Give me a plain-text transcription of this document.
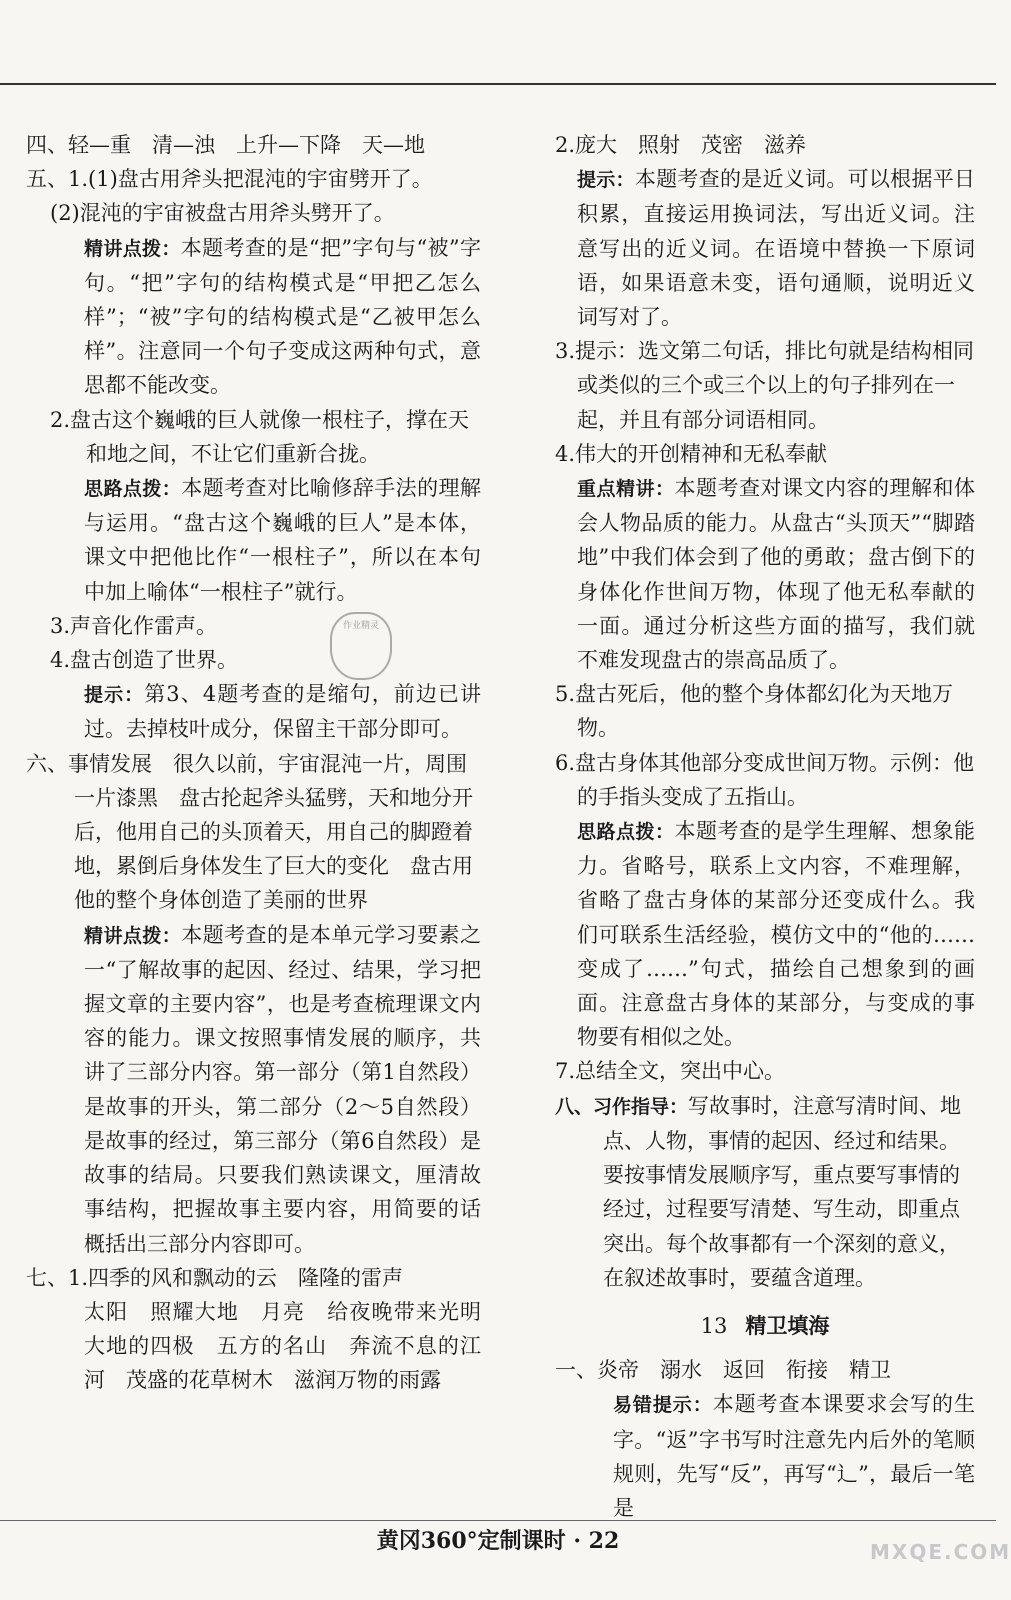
四、轻—重　清—浊　上升—下降　天—地

五、1.(1)盘古用斧头把混沌的宇宙劈开了。

(2)混沌的宇宙被盘古用斧头劈开了。

精讲点拨：本题考查的是“把”字句与“被”字句。“把”字句的结构模式是“甲把乙怎么样”；“被”字句的结构模式是“乙被甲怎么样”。注意同一个句子变成这两种句式，意思都不能改变。

2.盘古这个巍峨的巨人就像一根柱子，撑在天和地之间，不让它们重新合拢。

思路点拨：本题考查对比喻修辞手法的理解与运用。“盘古这个巍峨的巨人”是本体，课文中把他比作“一根柱子”，所以在本句中加上喻体“一根柱子”就行。

3.声音化作雷声。

4.盘古创造了世界。

提示：第3、4题考查的是缩句，前边已讲过。去掉枝叶成分，保留主干部分即可。

六、事情发展　很久以前，宇宙混沌一片，周围一片漆黑　盘古抡起斧头猛劈，天和地分开后，他用自己的头顶着天，用自己的脚蹬着地，累倒后身体发生了巨大的变化　盘古用他的整个身体创造了美丽的世界

精讲点拨：本题考查的是本单元学习要素之一“了解故事的起因、经过、结果，学习把握文章的主要内容”，也是考查梳理课文内容的能力。课文按照事情发展的顺序，共讲了三部分内容。第一部分（第1自然段）是故事的开头，第二部分（2～5自然段）是故事的经过，第三部分（第6自然段）是故事的结局。只要我们熟读课文，厘清故事结构，把握故事主要内容，用简要的话概括出三部分内容即可。

七、1.四季的风和飘动的云　隆隆的雷声

太阳　照耀大地　月亮　给夜晚带来光明　大地的四极　五方的名山　奔流不息的江河　茂盛的花草树木　滋润万物的雨露

2.庞大　照射　茂密　滋养

提示：本题考查的是近义词。可以根据平日积累，直接运用换词法，写出近义词。注意写出的近义词。在语境中替换一下原词语，如果语意未变，语句通顺，说明近义词写对了。

3.提示：选文第二句话，排比句就是结构相同或类似的三个或三个以上的句子排列在一起，并且有部分词语相同。

4.伟大的开创精神和无私奉献

重点精讲：本题考查对课文内容的理解和体会人物品质的能力。从盘古“头顶天”“脚踏地”中我们体会到了他的勇敢；盘古倒下的身体化作世间万物，体现了他无私奉献的一面。通过分析这些方面的描写，我们就不难发现盘古的崇高品质了。

5.盘古死后，他的整个身体都幻化为天地万物。

6.盘古身体其他部分变成世间万物。示例：他的手指头变成了五指山。

思路点拨：本题考查的是学生理解、想象能力。省略号，联系上文内容，不难理解，省略了盘古身体的某部分还变成什么。我们可联系生活经验，模仿文中的“他的……变成了……”句式，描绘自己想象到的画面。注意盘古身体的某部分，与变成的事物要有相似之处。

7.总结全文，突出中心。

八、习作指导：写故事时，注意写清时间、地点、人物，事情的起因、经过和结果。要按事情发展顺序写，重点要写事情的经过，过程要写清楚、写生动，即重点突出。每个故事都有一个深刻的意义，在叙述故事时，要蕴含道理。

13 精卫填海

一、炎帝　溺水　返回　衔接　精卫

易错提示：本题考查本课要求会写的生字。“返”字书写时注意先内后外的笔顺规则，先写“反”，再写“辶”，最后一笔是

作业精灵
黄冈360°定制课时 · 22	MXQE.COM
